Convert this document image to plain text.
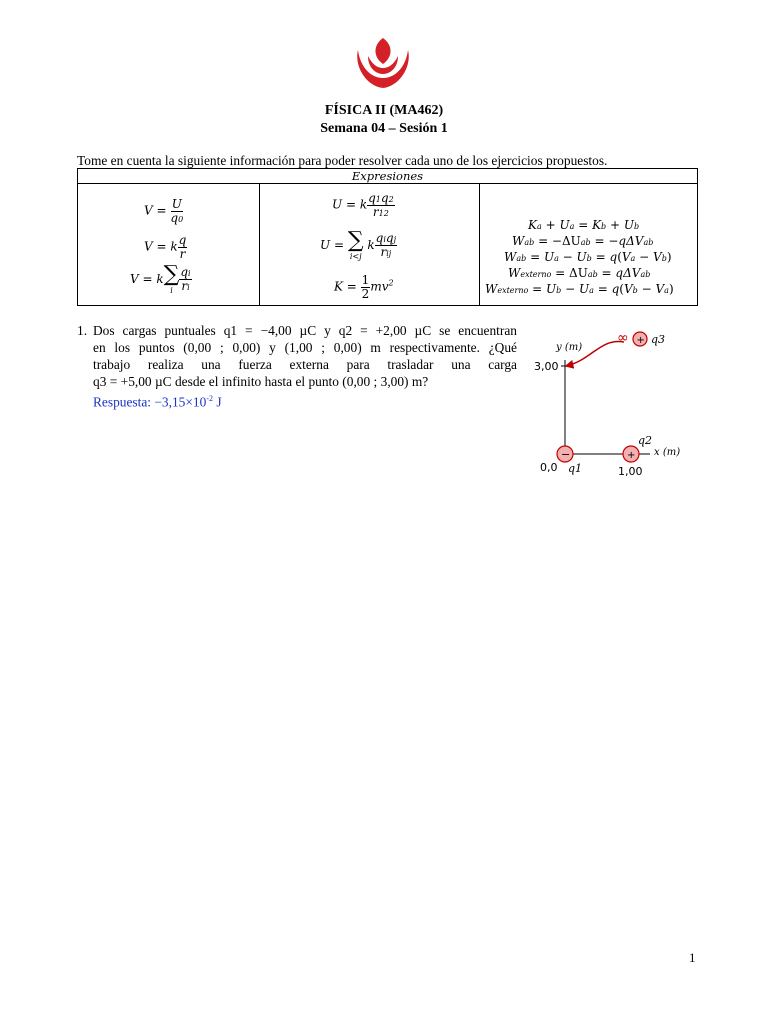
FÍSICA II (MA462)
Semana 04 – Sesión 1
Tome en cuenta la siguiente información para poder resolver cada uno de los ejercicios propuestos.
Expresiones

$V = \frac{U}{q0}$
V = k $\frac{q}{r}$
V = k ∑
i $\frac{qi}{ri}$

U = k $\frac{q1q2}{r12}$
U = ∑
i<j
k $\frac{\text{qiqj}}{\text{rij}}$
$K = \frac{1}{2} mv^2$

Ka + Ua = Kb + Ub
Wab = −ΔUab = −qΔVab
Wab = Ua − Ub = q(Va − Vb)
Wexterno = ΔUab = qΔVab
Wexterno = Ub − Ua = q(Vb − Va)
1. Dos cargas puntuales q1 = −4,00 µC y q2 = +2,00 µC se encuentran
en los puntos (0,00 ; 0,00) y (1,00 ; 0,00) m respectivamente. ¿Qué
trabajo realiza una fuerza externa para trasladar una carga
q3 = +5,00 µC desde el infinito hasta el punto (0,00 ; 3,00) m?
Respuesta: $-3,15\times 10^{-2}$ J
y (m)
x (m)
3,00
0,0	1,00
∞ + q3
−
q1
+
q2
1
